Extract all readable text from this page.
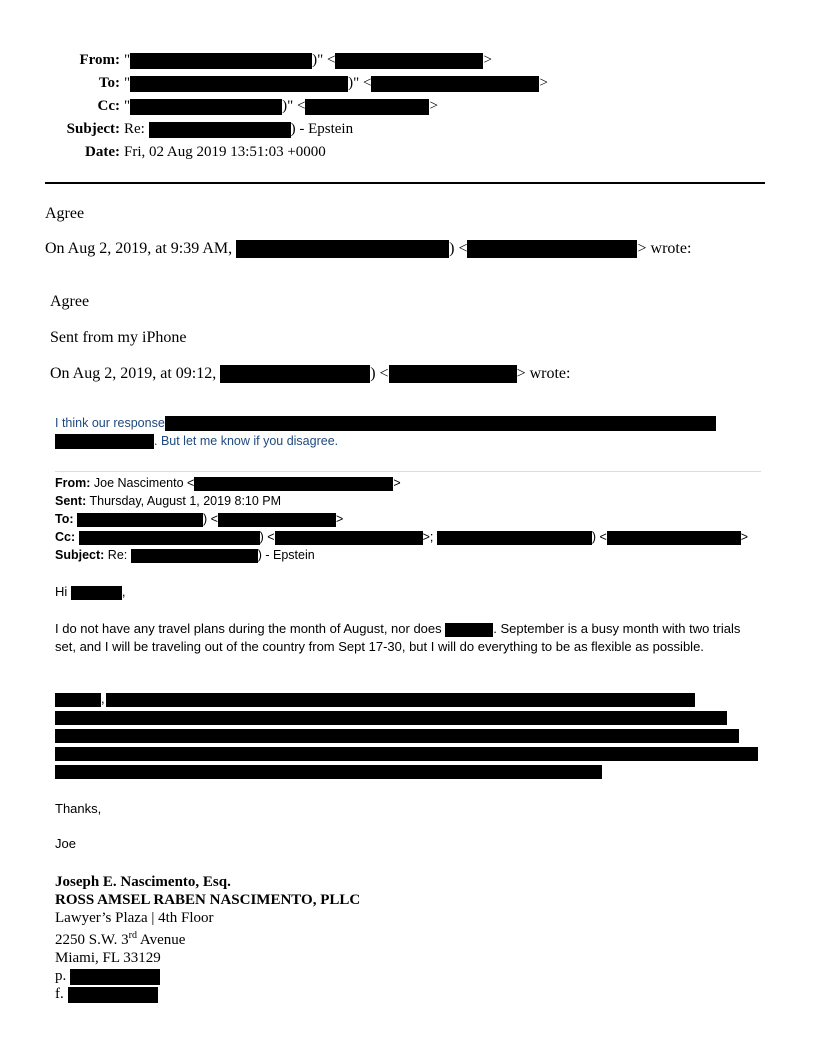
From: "	)" <	>
To: "	)" <	>
Cc: "	)" <	>
Subject: Re:	) - Epstein
Date: Fri, 02 Aug 2019 13:51:03 +0000
Agree
On Aug 2, 2019, at 9:39 AM,	) <	> wrote:
Agree
Sent from my iPhone
On Aug 2, 2019, at 09:12,	) <	> wrote:
I think our response
. But let me know if you disagree.
From: Joe Nascimento <	>
Sent: Thursday, August 1, 2019 8:10 PM
To:	) <	>
Cc:	) <	>;	) <	>
Subject: Re:	) - Epstein
Hi	,
I do not have any travel plans during the month of August, nor does	. September is a busy month with two trials set, and I will be traveling out of the country from Sept 17-30, but I will do everything to be as flexible as possible.
,
Thanks,
Joe
Joseph E. Nascimento, Esq.
ROSS AMSEL RABEN NASCIMENTO, PLLC
Lawyer’s Plaza | 4th Floor
2250 S.W. 3rd Avenue
Miami, FL 33129
p.
f.
